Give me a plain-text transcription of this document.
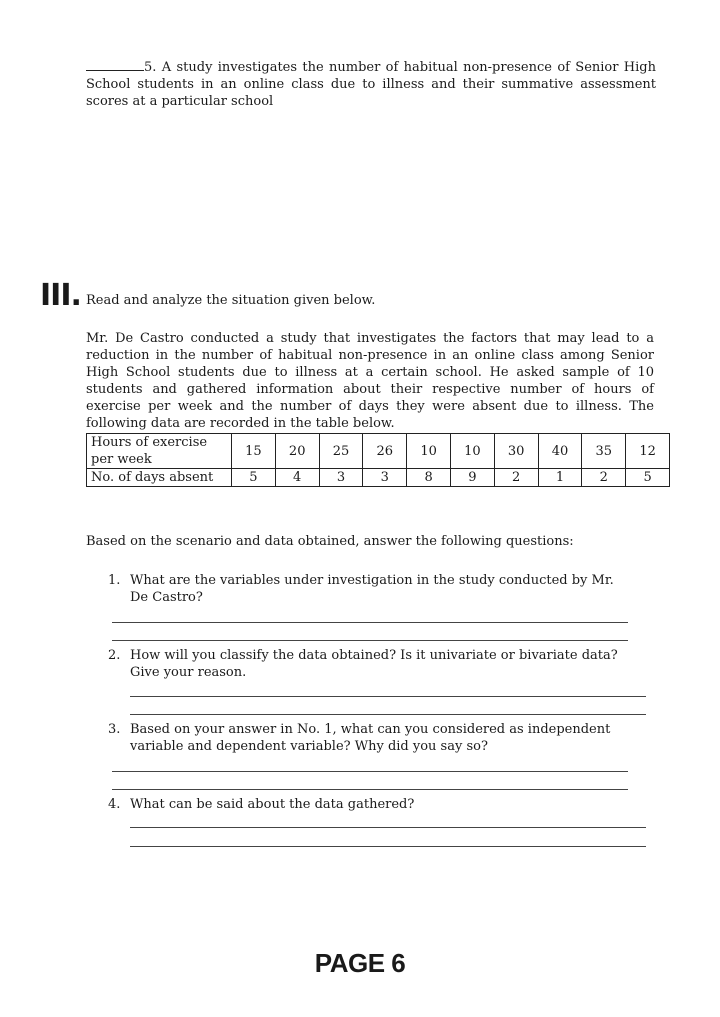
5. A study investigates the number of habitual non-presence of Senior High School students in an online class due to illness and their summative assessment scores at a particular school
III. Read and analyze the situation given below.
Mr. De Castro conducted a study that investigates the factors that may lead to a reduction in the number of habitual non-presence in an online class among Senior High School students due to illness at a certain school. He asked sample of 10 students and gathered information about their respective number of hours of exercise per week and the number of days they were absent due to illness. The following data are recorded in the table below.
Hours of exercise per week	15	20	25	26	10	10	30	40	35	12
No. of days absent	5	4	3	3	8	9	2	1	2	5
Based on the scenario and data obtained, answer the following questions:
1. What are the variables under investigation in the study conducted by Mr.
De Castro?
2. How will you classify the data obtained? Is it univariate or bivariate data?
Give your reason.
3. Based on your answer in No. 1, what can you considered as independent
variable and dependent variable? Why did you say so?
4. What can be said about the data gathered?
PAGE 6
